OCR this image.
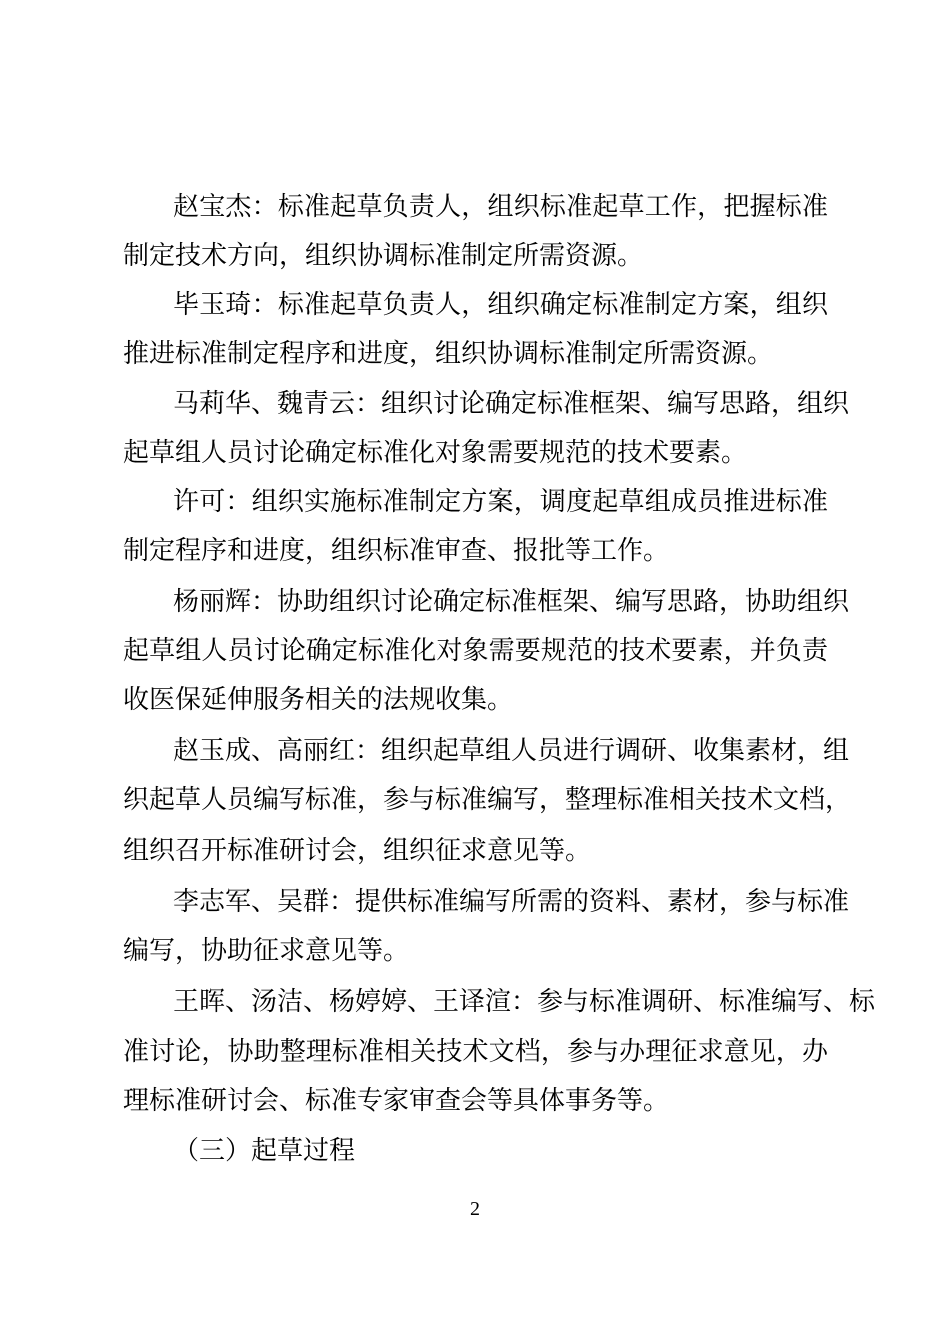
赵宝杰：标准起草负责人，组织标准起草工作，把握标准
制定技术方向，组织协调标准制定所需资源。
毕玉琦：标准起草负责人，组织确定标准制定方案，组织
推进标准制定程序和进度，组织协调标准制定所需资源。
马莉华、魏青云：组织讨论确定标准框架、编写思路，组织
起草组人员讨论确定标准化对象需要规范的技术要素。
许可：组织实施标准制定方案，调度起草组成员推进标准
制定程序和进度，组织标准审查、报批等工作。
杨丽辉：协助组织讨论确定标准框架、编写思路，协助组织
起草组人员讨论确定标准化对象需要规范的技术要素，并负责
收医保延伸服务相关的法规收集。
赵玉成、高丽红：组织起草组人员进行调研、收集素材，组
织起草人员编写标准，参与标准编写，整理标准相关技术文档，
组织召开标准研讨会，组织征求意见等。
李志军、吴群：提供标准编写所需的资料、素材，参与标准
编写，协助征求意见等。
王晖、汤洁、杨婷婷、王译渲：参与标准调研、标准编写、标
准讨论，协助整理标准相关技术文档，参与办理征求意见，办
理标准研讨会、标准专家审查会等具体事务等。
（三）起草过程
2
